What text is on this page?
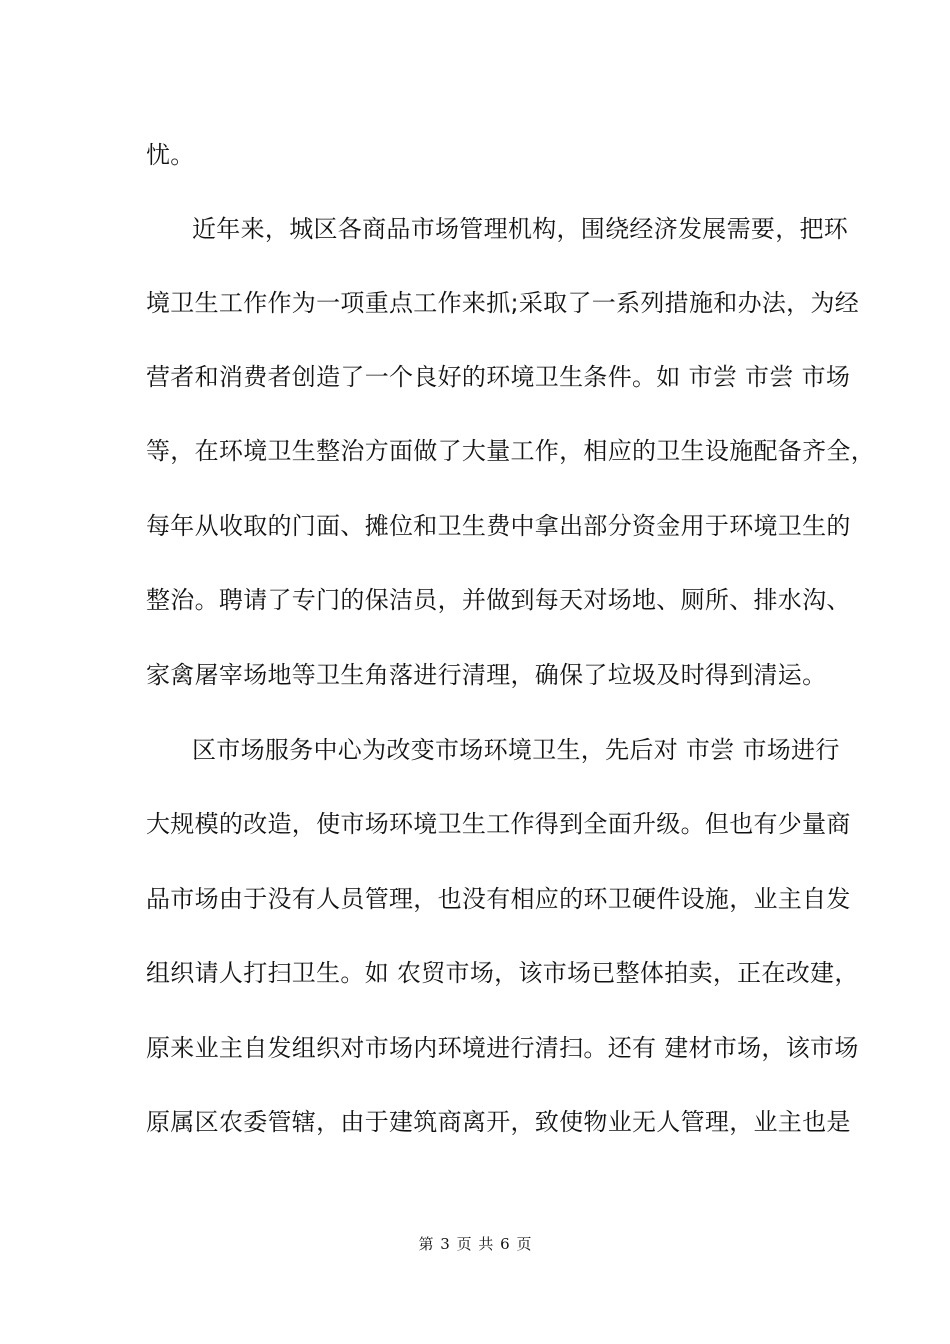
忧。
近年来，城区各商品市场管理机构，围绕经济发展需要，把环
境卫生工作作为一项重点工作来抓;采取了一系列措施和办法，为经
营者和消费者创造了一个良好的环境卫生条件。如 市尝 市尝 市场
等，在环境卫生整治方面做了大量工作，相应的卫生设施配备齐全，
每年从收取的门面、摊位和卫生费中拿出部分资金用于环境卫生的
整治。聘请了专门的保洁员，并做到每天对场地、厕所、排水沟、
家禽屠宰场地等卫生角落进行清理，确保了垃圾及时得到清运。
区市场服务中心为改变市场环境卫生，先后对 市尝 市场进行
大规模的改造，使市场环境卫生工作得到全面升级。但也有少量商
品市场由于没有人员管理，也没有相应的环卫硬件设施，业主自发
组织请人打扫卫生。如 农贸市场，该市场已整体拍卖，正在改建，
原来业主自发组织对市场内环境进行清扫。还有 建材市场，该市场
原属区农委管辖，由于建筑商离开，致使物业无人管理，业主也是
第 3 页 共 6 页
